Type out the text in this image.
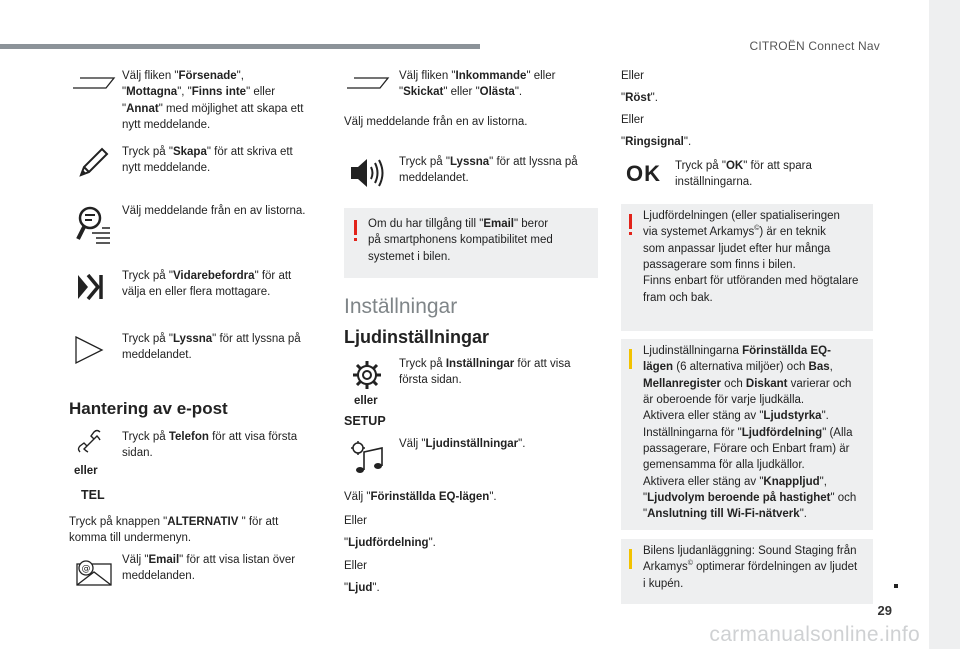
CITROËN Connect Nav
29
carmanualsonline.info
Välj fliken "Försenade",
"Mottagna", "Finns inte" eller
"Annat" med möjlighet att skapa ett
nytt meddelande.
Tryck på "Skapa" för att skriva ett
nytt meddelande.
Välj meddelande från en av listorna.
Tryck på "Vidarebefordra" för att
välja en eller flera mottagare.
Tryck på "Lyssna" för att lyssna på
meddelandet.
Hantering av e-post
eller
TEL
Tryck på Telefon för att visa första
sidan.
Tryck på knappen "ALTERNATIV " för att
komma till undermenyn.
@
Välj "Email" för att visa listan över
meddelanden.
Välj fliken "Inkommande" eller
"Skickat" eller "Olästa".
Välj meddelande från en av listorna.
Tryck på "Lyssna" för att lyssna på
meddelandet.
Om du har tillgång till "Email" beror
på smartphonens kompatibilitet med
systemet i bilen.
Inställningar
Ljudinställningar
eller
SETUP
Tryck på Inställningar för att visa
första sidan.
Välj "Ljudinställningar".
Välj "Förinställda EQ-lägen".
Eller
"Ljudfördelning".
Eller
"Ljud".
Eller
"Röst".
Eller
"Ringsignal".
OK Tryck på "OK" för att spara
inställningarna.
Ljudfördelningen (eller spatialiseringen
via systemet Arkamys©) är en teknik
som anpassar ljudet efter hur många
passagerare som finns i bilen.
Finns enbart för utföranden med högtalare
fram och bak.
Ljudinställningarna Förinställda EQ-
lägen (6 alternativa miljöer) och Bas,
Mellanregister och Diskant varierar och
är oberoende för varje ljudkälla.
Aktivera eller stäng av "Ljudstyrka".
Inställningarna för "Ljudfördelning" (Alla
passagerare, Förare och Enbart fram) är
gemensamma för alla ljudkällor.
Aktivera eller stäng av "Knappljud",
"Ljudvolym beroende på hastighet" och
"Anslutning till Wi-Fi-nätverk".
Bilens ljudanläggning: Sound Staging från
Arkamys© optimerar fördelningen av ljudet
i kupén.
